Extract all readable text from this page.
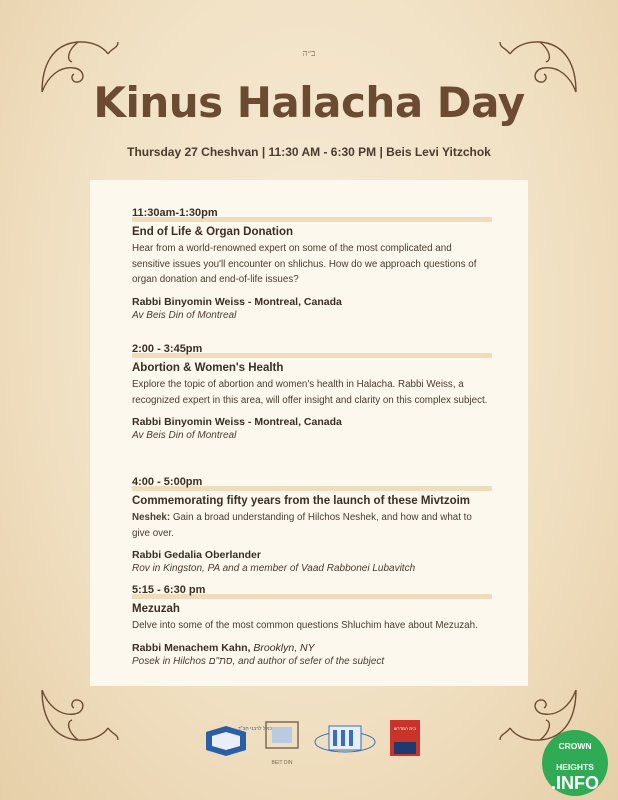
ב״ה
Kinus Halacha Day
Thursday 27 Cheshvan | 11:30 AM - 6:30 PM | Beis Levi Yitzchok
11:30am-1:30pm
End of Life & Organ Donation
Hear from a world-renowned expert on some of the most complicated and sensitive issues you'll encounter on shlichus. How do we approach questions of organ donation and end-of-life issues?
Rabbi Binyomin Weiss - Montreal, Canada
Av Beis Din of Montreal
2:00 - 3:45pm
Abortion & Women's Health
Explore the topic of abortion and women's health in Halacha. Rabbi Weiss, a recognized expert in this area, will offer insight and clarity on this complex subject.
Rabbi Binyomin Weiss - Montreal, Canada
Av Beis Din of Montreal
4:00 - 5:00pm
Commemorating fifty years from the launch of these Mivtzoim
Neshek: Gain a broad understanding of Hilchos Neshek, and how and what to give over.
Rabbi Gedalia Oberlander
Rov in Kingston, PA and a member of Vaad Rabbonei Lubavitch
5:15 - 6:30 pm
Mezuzah
Delve into some of the most common questions Shluchim have about Mezuzah.
Rabbi Menachem Kahn, Brooklyn, NY
Posek in Hilchos סת"ם, and author of sefer of the subject
כולל לרבני חב"ד
BEIT DIN
בית המדרש
CROWN
HEIGHTS
.INFO
